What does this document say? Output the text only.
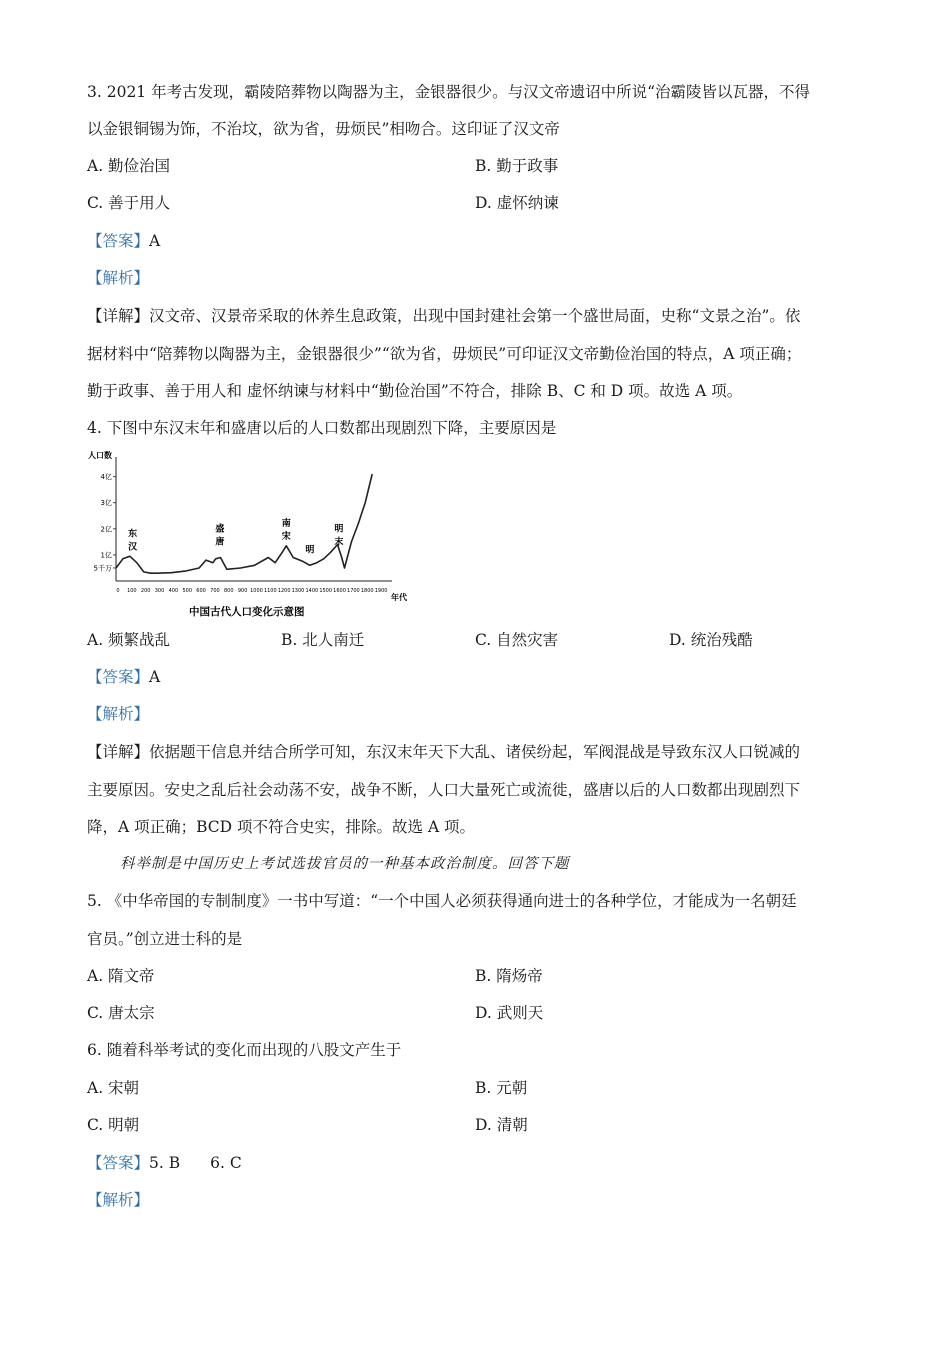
3. 2021 年考古发现，霸陵陪葬物以陶器为主，金银器很少。与汉文帝遗诏中所说“治霸陵皆以瓦器，不得
以金银铜锡为饰，不治坟，欲为省，毋烦民”相吻合。这印证了汉文帝
A. 勤俭治国	B. 勤于政事
C. 善于用人	D. 虚怀纳谏
【答案】A
【解析】
【详解】汉文帝、汉景帝采取的休养生息政策，出现中国封建社会第一个盛世局面，史称“文景之治”。依
据材料中“陪葬物以陶器为主，金银器很少”“欲为省，毋烦民”可印证汉文帝勤俭治国的特点，A 项正确；
勤于政事、善于用人和 虚怀纳谏与材料中“勤俭治国”不符合，排除 B、C 和 D 项。故选 A 项。
4. 下图中东汉末年和盛唐以后的人口数都出现剧烈下降，主要原因是
5千万
1亿
2亿
3亿
4亿
0 100 200 300 400 500 600 700 800 900 1000 1100 1200 1300 1400 1500 1600 1700 1800 1900
东
汉
盛
唐
南
宋
明
明
末
人口数
年代
中国古代人口变化示意图
A. 频繁战乱	B. 北人南迁	C. 自然灾害	D. 统治残酷
【答案】A
【解析】
【详解】依据题干信息并结合所学可知，东汉末年天下大乱、诸侯纷起，军阀混战是导致东汉人口锐减的
主要原因。安史之乱后社会动荡不安，战争不断，人口大量死亡或流徙，盛唐以后的人口数都出现剧烈下
降，A 项正确；BCD 项不符合史实，排除。故选 A 项。
科举制是中国历史上考试选拔官员的一种基本政治制度。回答下题
5. 《中华帝国的专制制度》一书中写道：“一个中国人必须获得通向进士的各种学位，才能成为一名朝廷
官员。”创立进士科的是
A. 隋文帝	B. 隋炀帝
C. 唐太宗	D. 武则天
6. 随着科举考试的变化而出现的八股文产生于
A. 宋朝	B. 元朝
C. 明朝	D. 清朝
【答案】5. B 6. C
【解析】
